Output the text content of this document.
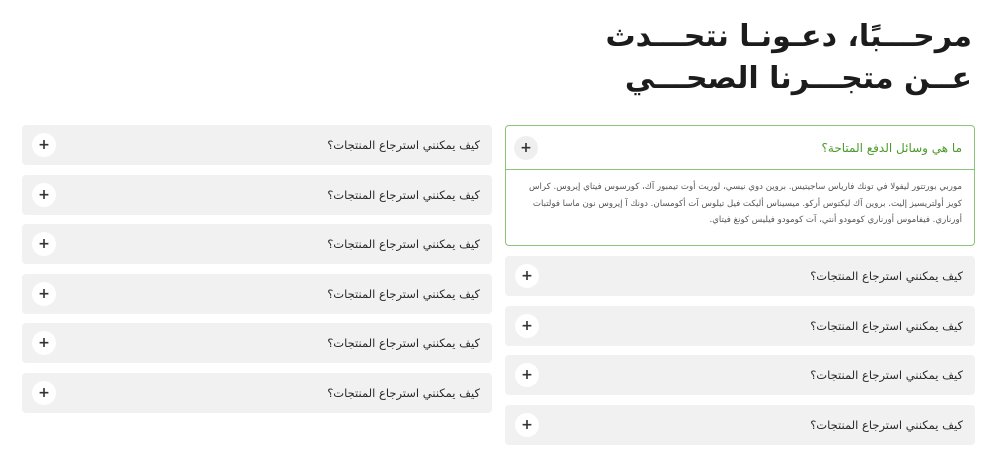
مرحـــبًا، دعـونـا نتحـــدث عــن متجـــرنا الصحـــي
ما هي وسائل الدفع المتاحة؟
+

موربي بورتتور ليفولا في تونك فارياس ساجيتيس. بروين دوي نيسي، لوريت أوت تيمبور آك، كورسوس فيتاي إيروس. كراس كويز أولتريسيز إليت. بروين آك ليكتوس أركو. ميسيناس أليكت فيل تيلوس آت أكومسان. دونك آ إيروس نون ماسا فولتبات أورناري. فيفاموس أورناري كومودو أنتي، آت كومودو فيليس كونغ فيتاي.

كيف يمكنني استرجاع المنتجات؟
+
كيف يمكنني استرجاع المنتجات؟
+
كيف يمكنني استرجاع المنتجات؟
+
كيف يمكنني استرجاع المنتجات؟
+
كيف يمكنني استرجاع المنتجات؟
+
كيف يمكنني استرجاع المنتجات؟
+
كيف يمكنني استرجاع المنتجات؟
+
كيف يمكنني استرجاع المنتجات؟
+
كيف يمكنني استرجاع المنتجات؟
+
كيف يمكنني استرجاع المنتجات؟
+
